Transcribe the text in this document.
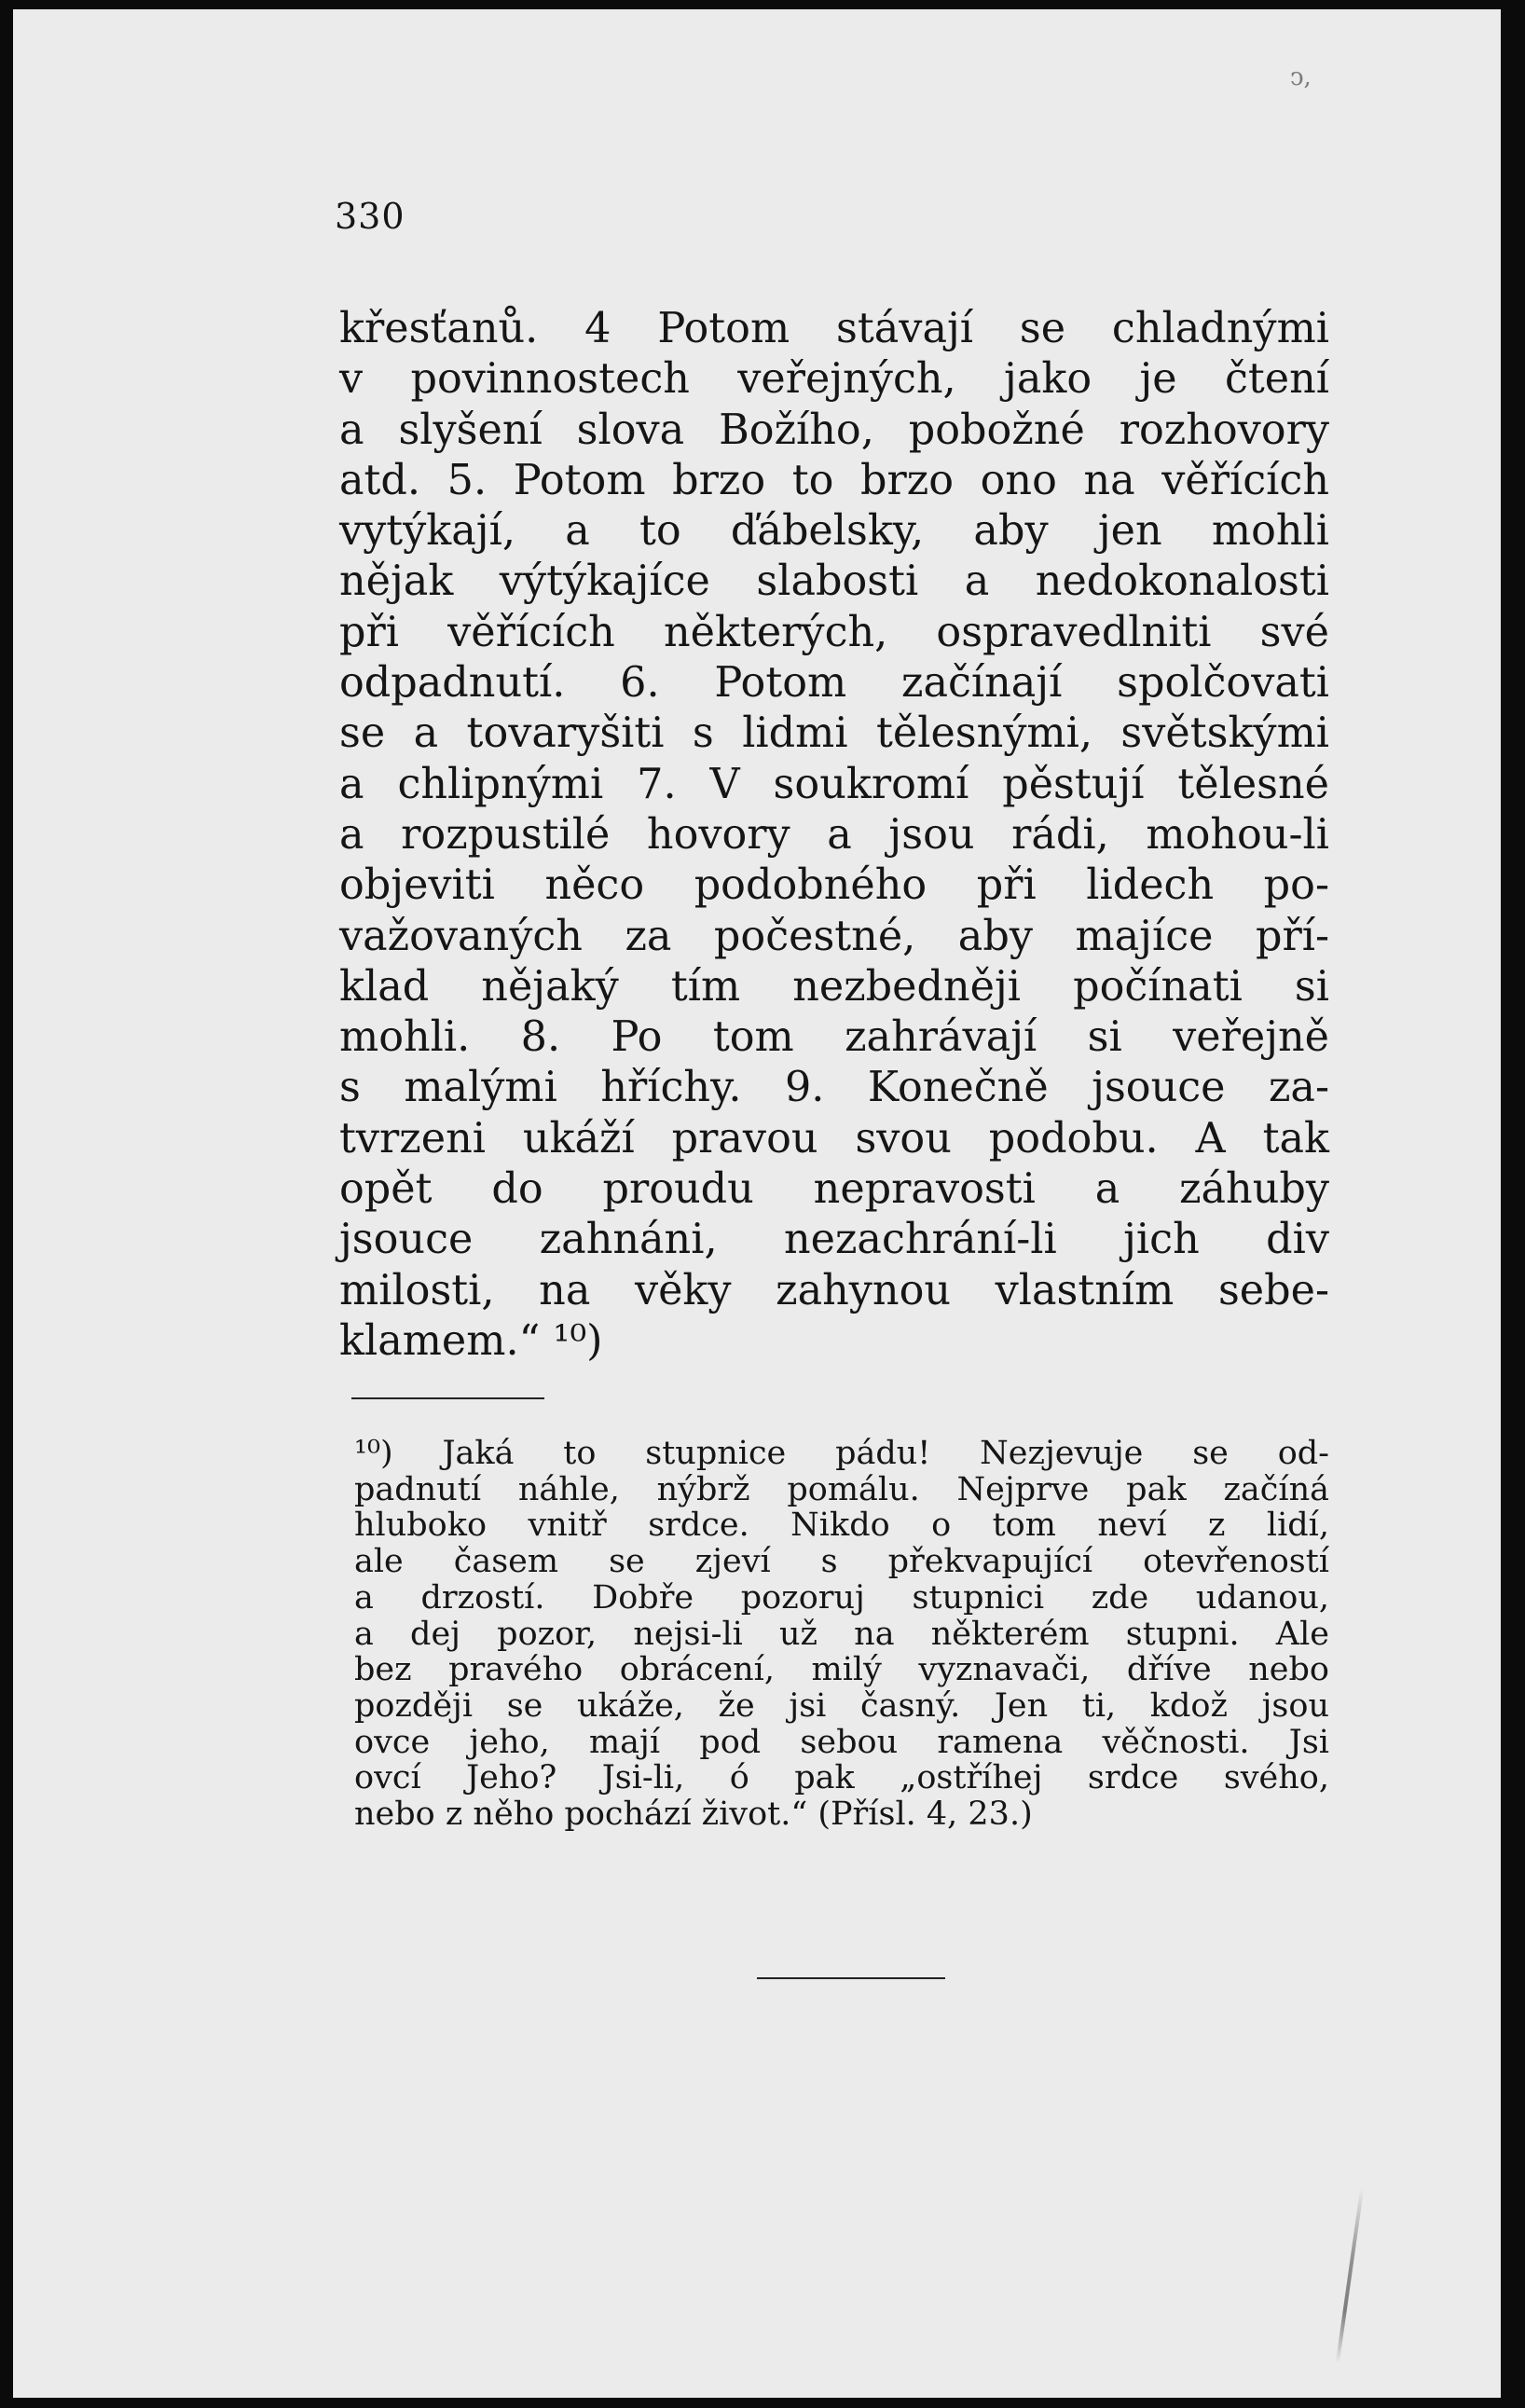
ↄ,
330
křesťanů. 4 Potom stávají se chladnými
v povinnostech veřejných, jako je čtení
a slyšení slova Božího, pobožné rozhovory
atd. 5. Potom brzo to brzo ono na věřících
vytýkají, a to ďábelsky, aby jen mohli
nějak výtýkajíce slabosti a nedokonalosti
při věřících některých, ospravedlniti své
odpadnutí. 6. Potom začínají spolčovati
se a tovaryšiti s lidmi tělesnými, světskými
a chlipnými 7. V soukromí pěstují tělesné
a rozpustilé hovory a jsou rádi, mohou-li
objeviti něco podobného při lidech po-
važovaných za počestné, aby majíce pří-
klad nějaký tím nezbedněji počínati si
mohli. 8. Po tom zahrávají si veřejně
s malými hříchy. 9. Konečně jsouce za-
tvrzeni ukáží pravou svou podobu. A tak
opět do proudu nepravosti a záhuby
jsouce zahnáni, nezachrání-li jich div
milosti, na věky zahynou vlastním sebe-
klamem.“ ¹⁰)
¹⁰) Jaká to stupnice pádu! Nezjevuje se od-
padnutí náhle, nýbrž pomálu. Nejprve pak začíná
hluboko vnitř srdce. Nikdo o tom neví z lidí,
ale časem se zjeví s překvapující otevřeností
a drzostí. Dobře pozoruj stupnici zde udanou,
a dej pozor, nejsi-li už na některém stupni. Ale
bez pravého obrácení, milý vyznavači, dříve nebo
později se ukáže, že jsi časný. Jen ti, kdož jsou
ovce jeho, mají pod sebou ramena věčnosti. Jsi
ovcí Jeho? Jsi-li, ó pak „ostříhej srdce svého,
nebo z něho pochází život.“ (Přísl. 4, 23.)
